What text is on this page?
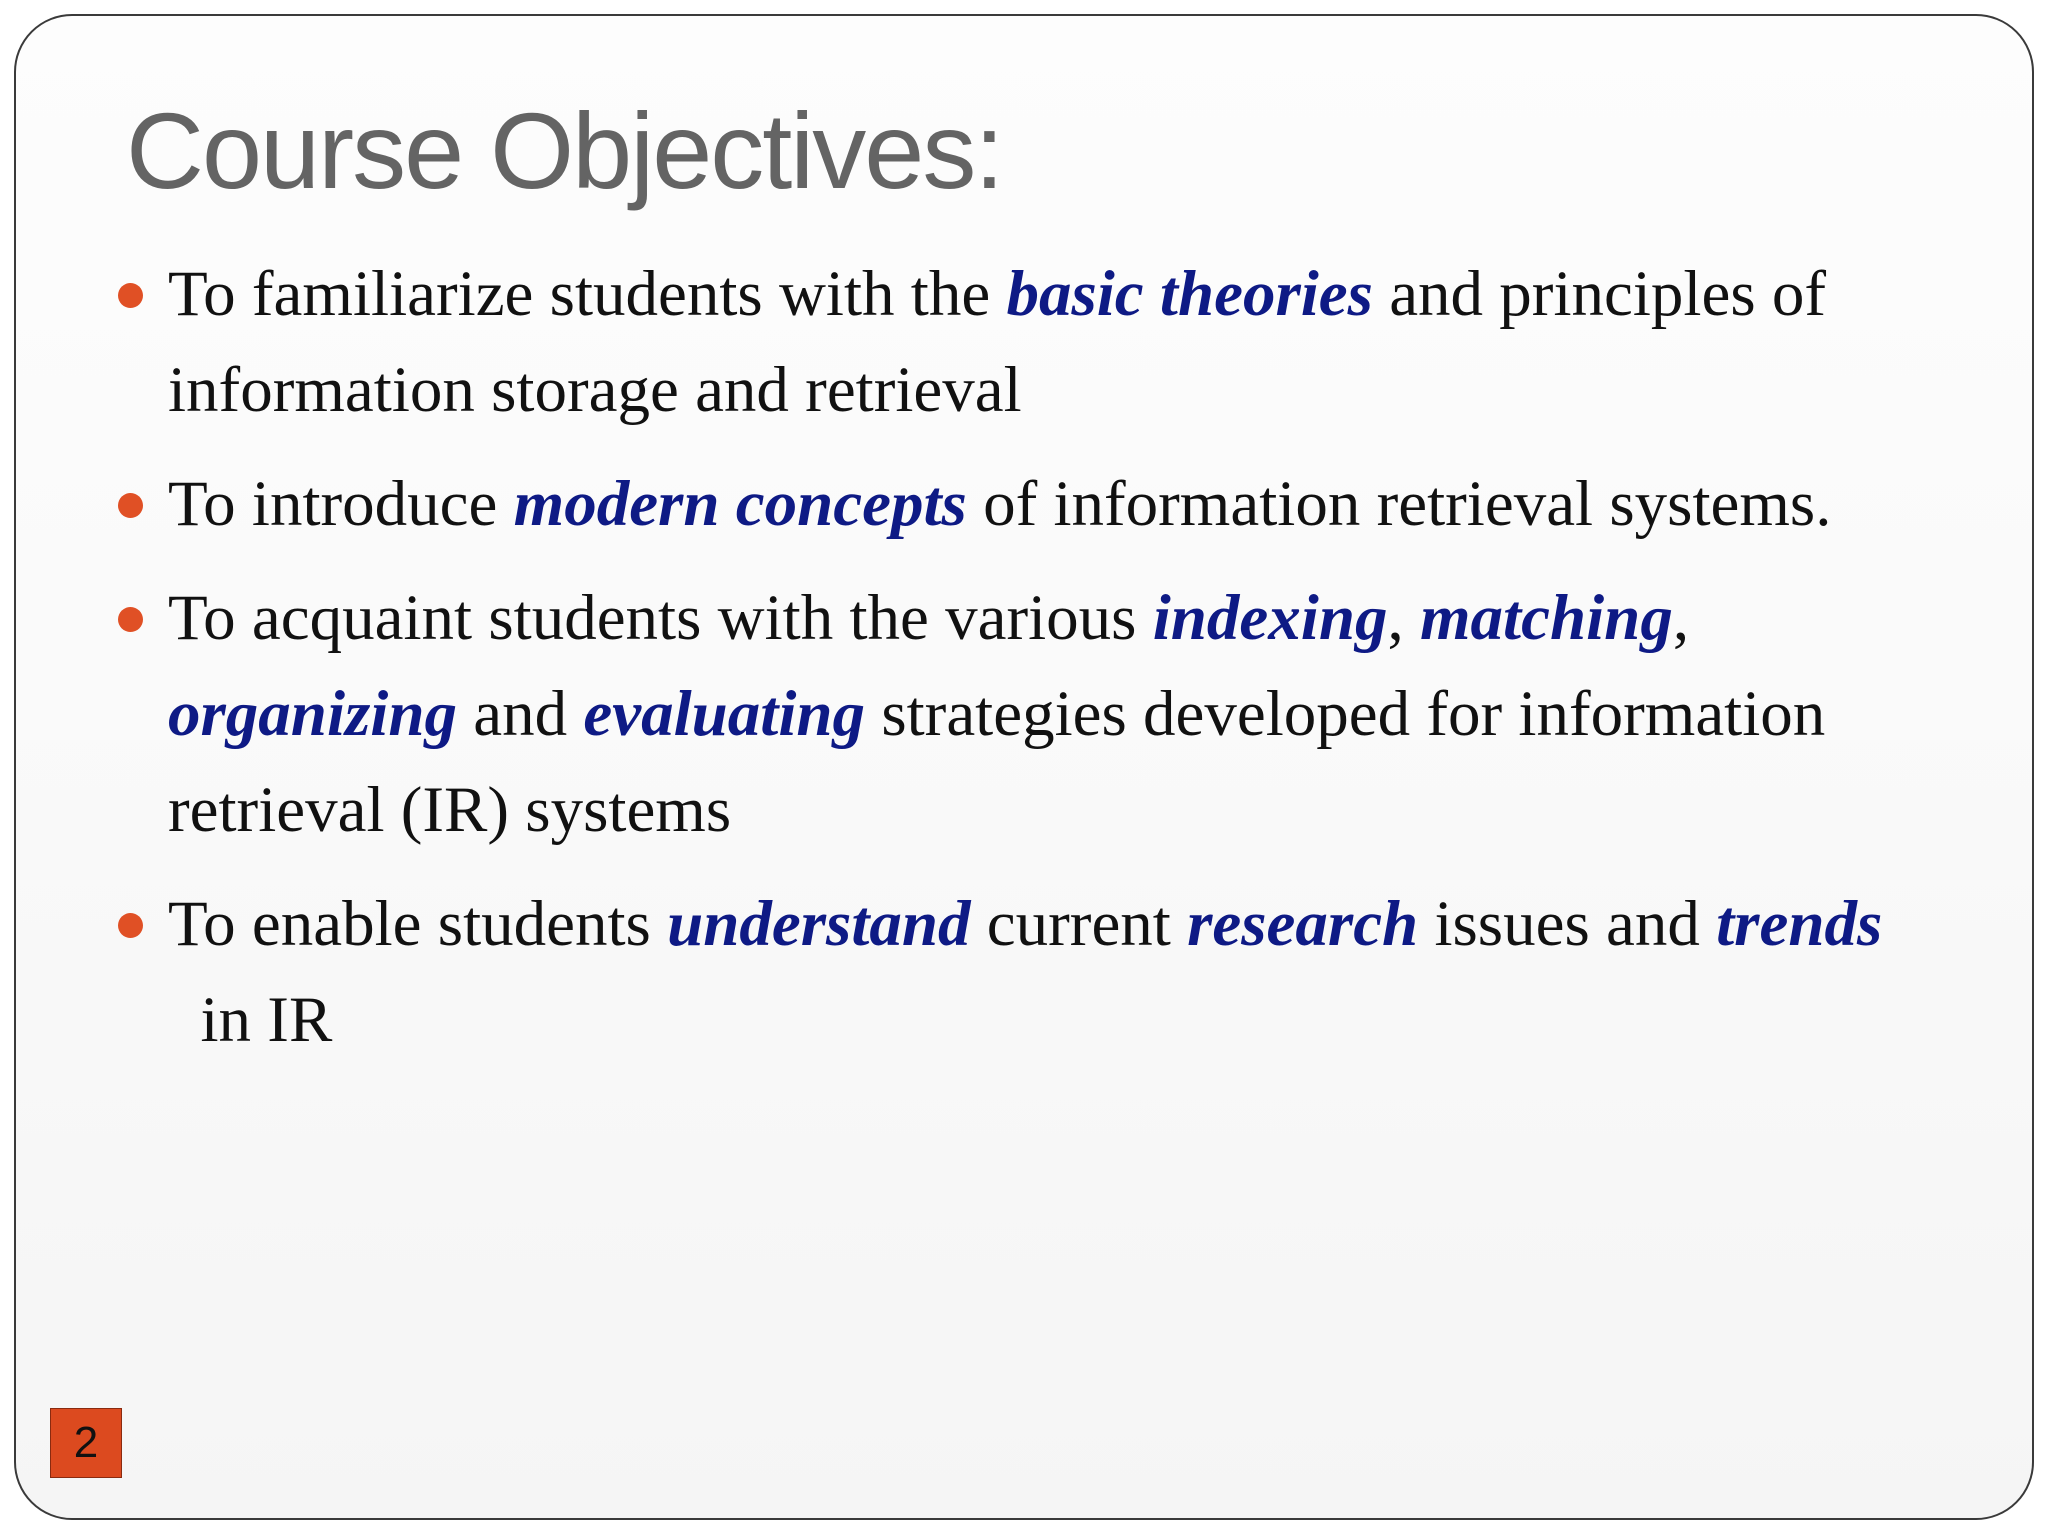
Course Objectives:
To familiarize students with the basic theories and principles of information storage and retrieval
To introduce modern concepts of information retrieval systems.
To acquaint students with the various indexing, matching, organizing and evaluating strategies developed for information retrieval (IR) systems
To enable students understand current research issues and trends  in IR
2
